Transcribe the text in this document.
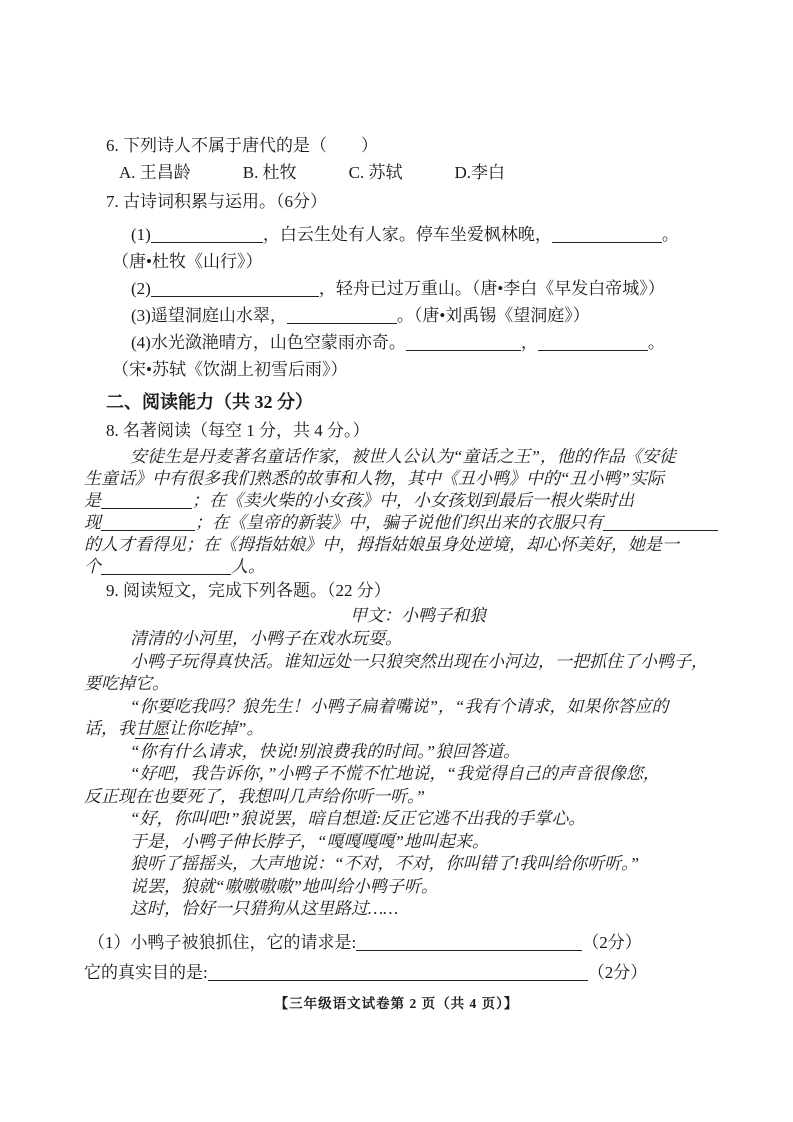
6. 下列诗人不属于唐代的是（　　）
A. 王昌龄	B. 杜牧	C. 苏轼	D.李白
7. 古诗词积累与运用。（6分）
(1)	，白云生处有人家。停车坐爱枫林晚，	。
（唐•杜牧《山行》）
(2)	，轻舟已过万重山。（唐•李白《早发白帝城》）
(3)遥望洞庭山水翠，	。（唐•刘禹锡《望洞庭》）
(4)水光潋滟晴方，山色空蒙雨亦奇。	，	。
（宋•苏轼《饮湖上初雪后雨》）
二、阅读能力（共 32 分）
8. 名著阅读（每空 1 分，共 4 分。）
安徒生是丹麦著名童话作家，被世人公认为“童话之王”，他的作品《安徒
生童话》中有很多我们熟悉的故事和人物，其中《丑小鸭》中的“丑小鸭”实际
是	；在《卖火柴的小女孩》中，小女孩划到最后一根火柴时出
现	；在《皇帝的新装》中，骗子说他们织出来的衣服只有
的人才看得见；在《拇指姑娘》中，拇指姑娘虽身处逆境，却心怀美好，她是一
个	人。
9. 阅读短文，完成下列各题。（22 分）
甲文：小鸭子和狼
清清的小河里，小鸭子在戏水玩耍。
小鸭子玩得真快活。谁知远处一只狼突然出现在小河边，一把抓住了小鸭子，
要吃掉它。
“你要吃我吗？狼先生！小鸭子扁着嘴说”，“我有个请求，如果你答应的
话，我甘愿让你吃掉”。
“你有什么请求，快说!别浪费我的时间。”狼回答道。
“好吧，我告诉你，”小鸭子不慌不忙地说，“我觉得自己的声音很像您，
反正现在也要死了，我想叫几声给你听一听。”
“好，你叫吧!”狼说罢，暗自想道:反正它逃不出我的手掌心。
于是，小鸭子伸长脖子，“嘎嘎嘎嘎”地叫起来。
狼听了摇摇头，大声地说：“不对，不对，你叫错了!我叫给你听听。”
说罢，狼就“嗷嗷嗷嗷”地叫给小鸭子听。
这时，恰好一只猎狗从这里路过……
（1）小鸭子被狼抓住，它的请求是:	（2分）
它的真实目的是:	（2分）
【三年级语文试卷第 2 页（共 4 页）】
